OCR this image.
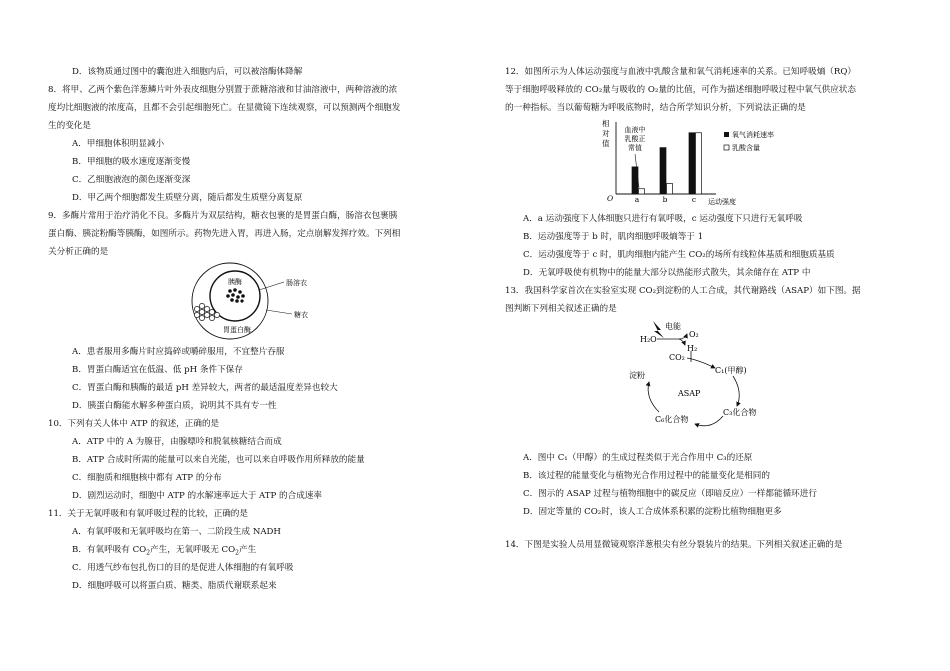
D．该物质通过图中的囊泡进入细胞内后，可以被溶酶体降解
8．将甲、乙两个紫色洋葱鳞片叶外表皮细胞分别置于蔗糖溶液和甘油溶液中，两种溶液的浓
度均比细胞液的浓度高，且都不会引起细胞死亡。在显微镜下连续观察，可以预测两个细胞发
生的变化是
A．甲细胞体积明显减小
B．甲细胞的吸水速度逐渐变慢
C．乙细胞液泡的颜色逐渐变深
D．甲乙两个细胞都发生质壁分离，随后都发生质壁分离复原
9．多酶片常用于治疗消化不良。多酶片为双层结构，糖衣包裹的是胃蛋白酶，肠溶衣包裹胰
蛋白酶、胰淀粉酶等胰酶，如图所示。药物先进入胃，再进入肠，定点崩解发挥疗效。下列相
关分析正确的是
胰酶
胃蛋白酶
肠溶衣
糖衣
A．患者服用多酶片时应捣碎或嚼碎服用，不宜整片吞服
B．胃蛋白酶适宜在低温、低 pH 条件下保存
C．胃蛋白酶和胰酶的最适 pH 差异较大，两者的最适温度差异也较大
D．胰蛋白酶能水解多种蛋白质，说明其不具有专一性
10．下列有关人体中 ATP 的叙述，正确的是
A．ATP 中的 A 为腺苷，由腺嘌呤和脱氧核糖结合而成
B．ATP 合成时所需的能量可以来自光能，也可以来自呼吸作用所释放的能量
C．细胞质和细胞核中都有 ATP 的分布
D．剧烈运动时，细胞中 ATP 的水解速率远大于 ATP 的合成速率
11．关于无氧呼吸和有氧呼吸过程的比较，正确的是
A．有氧呼吸和无氧呼吸均在第一、二阶段生成 NADH
B．有氧呼吸有 $CO_2$产生，无氧呼吸无 $CO_2$产生
C．用透气纱布包扎伤口的目的是促进人体细胞的有氧呼吸
D．细胞呼吸可以将蛋白质、糖类、脂质代谢联系起来
12．如图所示为人体运动强度与血液中乳酸含量和氧气消耗速率的关系。已知呼吸熵（RQ）
等于细胞呼吸释放的 CO₂量与吸收的 O₂量的比值，可作为描述细胞呼吸过程中氧气供应状态
的一种指标。当以葡萄糖为呼吸底物时，结合所学知识分析，下列说法正确的是
相
对
值
O	运动强度
血液中
乳酸正
常值
a	b	c
氧气消耗速率
乳酸含量
A．a 运动强度下人体细胞只进行有氧呼吸，c 运动强度下只进行无氧呼吸
B．运动强度等于 b 时，肌肉细胞呼吸熵等于 1
C．运动强度等于 c 时，肌肉细胞内能产生 CO₂的场所有线粒体基质和细胞质基质
D．无氧呼吸使有机物中的能量大部分以热能形式散失，其余储存在 ATP 中
13．我国科学家首次在实验室实现 CO₂到淀粉的人工合成，其代谢路线（ASAP）如下图。据
图判断下列相关叙述正确的是
电能
H₂O
O₂
H₂
CO₂
C₁(甲醇)
C₃化合物
C₆化合物
淀粉
ASAP
A．图中 C₁（甲醇）的生成过程类似于光合作用中 C₃的还原
B．该过程的能量变化与植物光合作用过程中的能量变化是相同的
C．图示的 ASAP 过程与植物细胞中的碳反应（即暗反应）一样都能循环进行
D．固定等量的 CO₂时，该人工合成体系积累的淀粉比植物细胞更多
14．下图是实验人员用显微镜观察洋葱根尖有丝分裂装片的结果。下列相关叙述正确的是
